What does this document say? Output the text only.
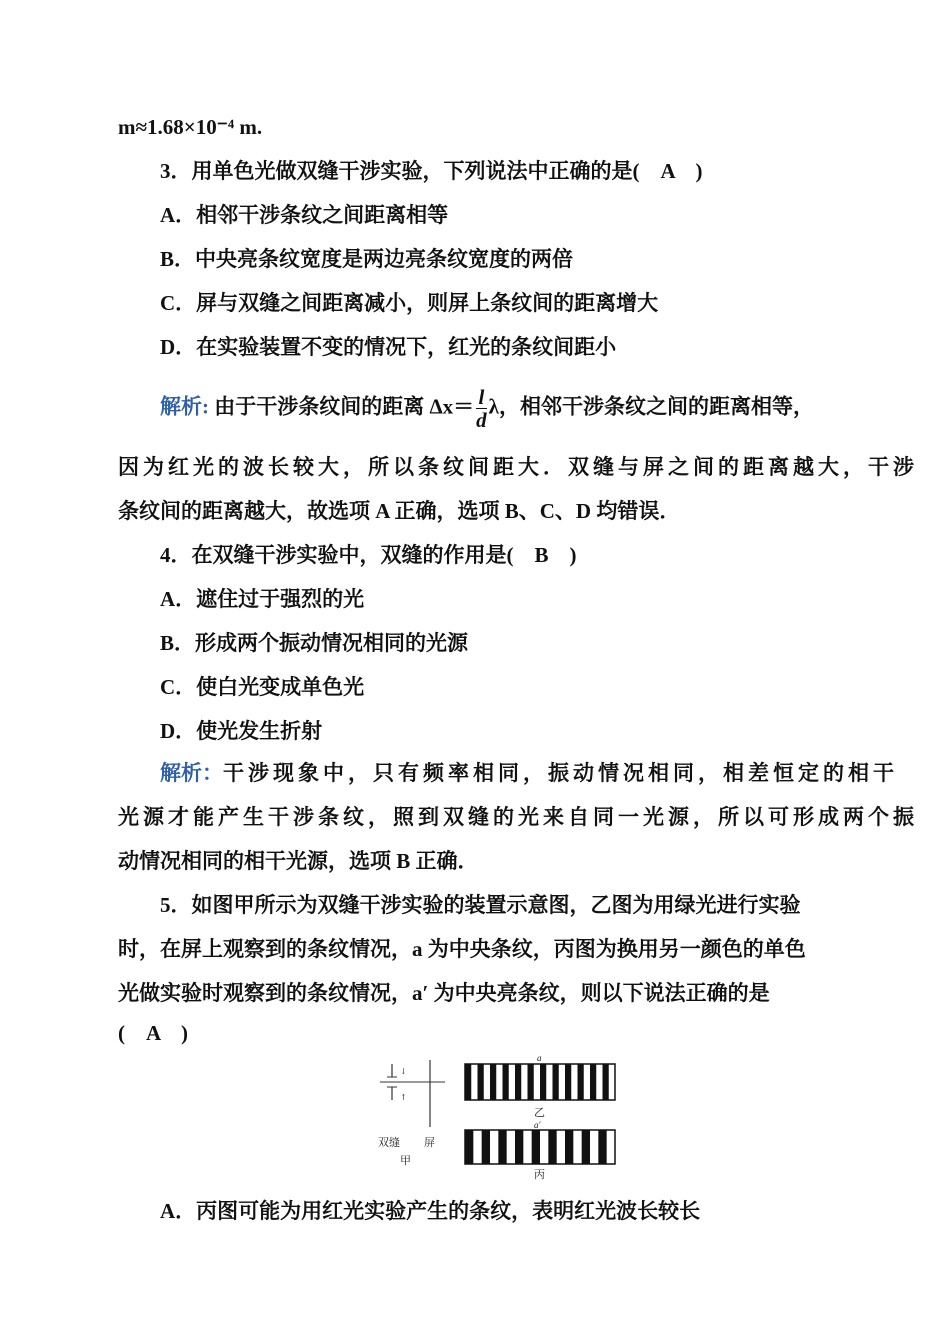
m≈1.68×10⁻⁴ m.
3．用单色光做双缝干涉实验，下列说法中正确的是(　A　)
A．相邻干涉条纹之间距离相等
B．中央亮条纹宽度是两边亮条纹宽度的两倍
C．屏与双缝之间距离减小，则屏上条纹间的距离增大
D．在实验装置不变的情况下，红光的条纹间距小
解析: 由于干涉条纹间的距离 $\Delta x= \frac{l}{d}$ λ，相邻干涉条纹之间的距离相等，
因为红光的波长较大，所以条纹间距大．双缝与屏之间的距离越大，干涉
条纹间的距离越大，故选项 A 正确，选项 B、C、D 均错误．
4．在双缝干涉实验中，双缝的作用是(　B　)
A．遮住过于强烈的光
B．形成两个振动情况相同的光源
C．使白光变成单色光
D．使光发生折射
解析：干涉现象中，只有频率相同，振动情况相同，相差恒定的相干
光源才能产生干涉条纹，照到双缝的光来自同一光源，所以可形成两个振
动情况相同的相干光源，选项 B 正确．
5．如图甲所示为双缝干涉实验的装置示意图，乙图为用绿光进行实验
时，在屏上观察到的条纹情况，a 为中央条纹，丙图为换用另一颜色的单色
光做实验时观察到的条纹情况，a′ 为中央亮条纹，则以下说法正确的是
(　A　)
↓
↑
双缝 屏
甲
a
乙
a′
丙
A．丙图可能为用红光实验产生的条纹，表明红光波长较长
